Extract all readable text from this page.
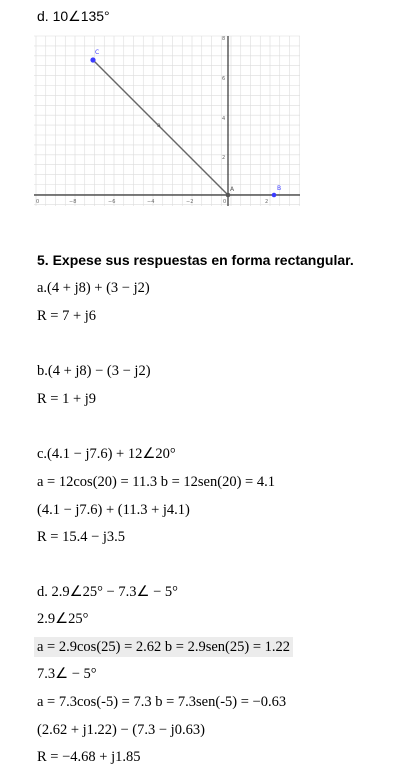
d. 10∠135°
C
A	B
a
0	−8	−6	−4	−2	0	2
8
6
4
2
5. Expese sus respuestas en forma rectangular.
a.(4 + j8) + (3 − j2)
R = 7 + j6
b.(4 + j8) − (3 − j2)
R = 1 + j9
c.(4.1 − j7.6) + 12∠20°
a = 12cos(20) = 11.3 b = 12sen(20) = 4.1
(4.1 − j7.6) + (11.3 + j4.1)
R = 15.4 − j3.5
d. 2.9∠25° − 7.3∠ − 5°
2.9∠25°
a = 2.9cos(25) = 2.62 b = 2.9sen(25) = 1.22
7.3∠ − 5°
a = 7.3cos(-5) = 7.3 b = 7.3sen(-5) = −0.63
(2.62 + j1.22) − (7.3 − j0.63)
R = −4.68 + j1.85
